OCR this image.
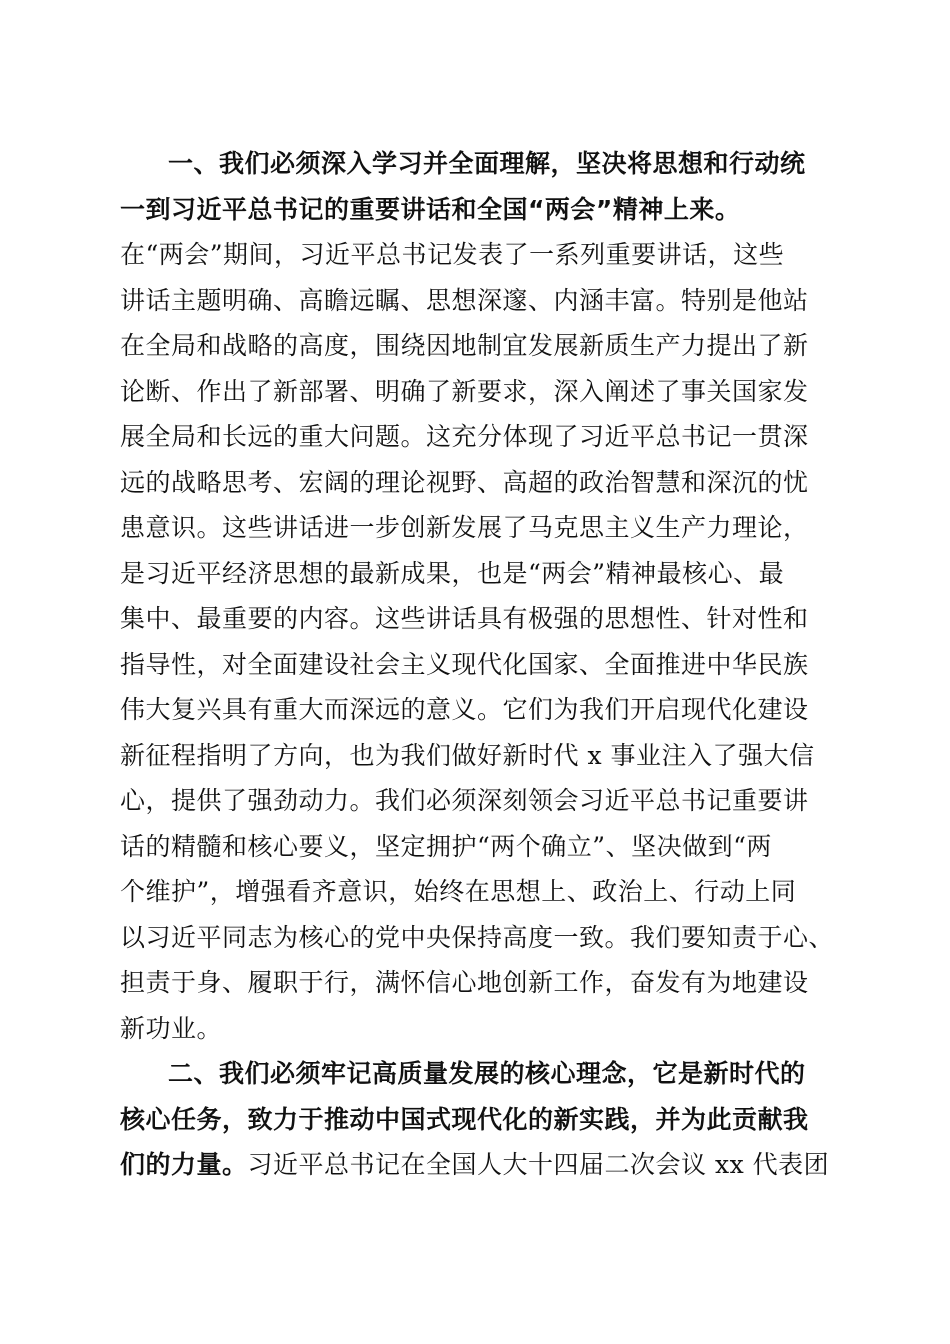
一、我们必须深入学习并全面理解，坚决将思想和行动统
一到习近平总书记的重要讲话和全国“两会”精神上来。
在“两会”期间，习近平总书记发表了一系列重要讲话，这些
讲话主题明确、高瞻远瞩、思想深邃、内涵丰富。特别是他站
在全局和战略的高度，围绕因地制宜发展新质生产力提出了新
论断、作出了新部署、明确了新要求，深入阐述了事关国家发
展全局和长远的重大问题。这充分体现了习近平总书记一贯深
远的战略思考、宏阔的理论视野、高超的政治智慧和深沉的忧
患意识。这些讲话进一步创新发展了马克思主义生产力理论，
是习近平经济思想的最新成果，也是“两会”精神最核心、最
集中、最重要的内容。这些讲话具有极强的思想性、针对性和
指导性，对全面建设社会主义现代化国家、全面推进中华民族
伟大复兴具有重大而深远的意义。它们为我们开启现代化建设
新征程指明了方向，也为我们做好新时代 x 事业注入了强大信
心，提供了强劲动力。我们必须深刻领会习近平总书记重要讲
话的精髓和核心要义，坚定拥护“两个确立”、坚决做到“两
个维护”，增强看齐意识，始终在思想上、政治上、行动上同
以习近平同志为核心的党中央保持高度一致。我们要知责于心、
担责于身、履职于行，满怀信心地创新工作，奋发有为地建设
新功业。
二、我们必须牢记高质量发展的核心理念，它是新时代的
核心任务，致力于推动中国式现代化的新实践，并为此贡献我
们的力量。习近平总书记在全国人大十四届二次会议 xx 代表团
